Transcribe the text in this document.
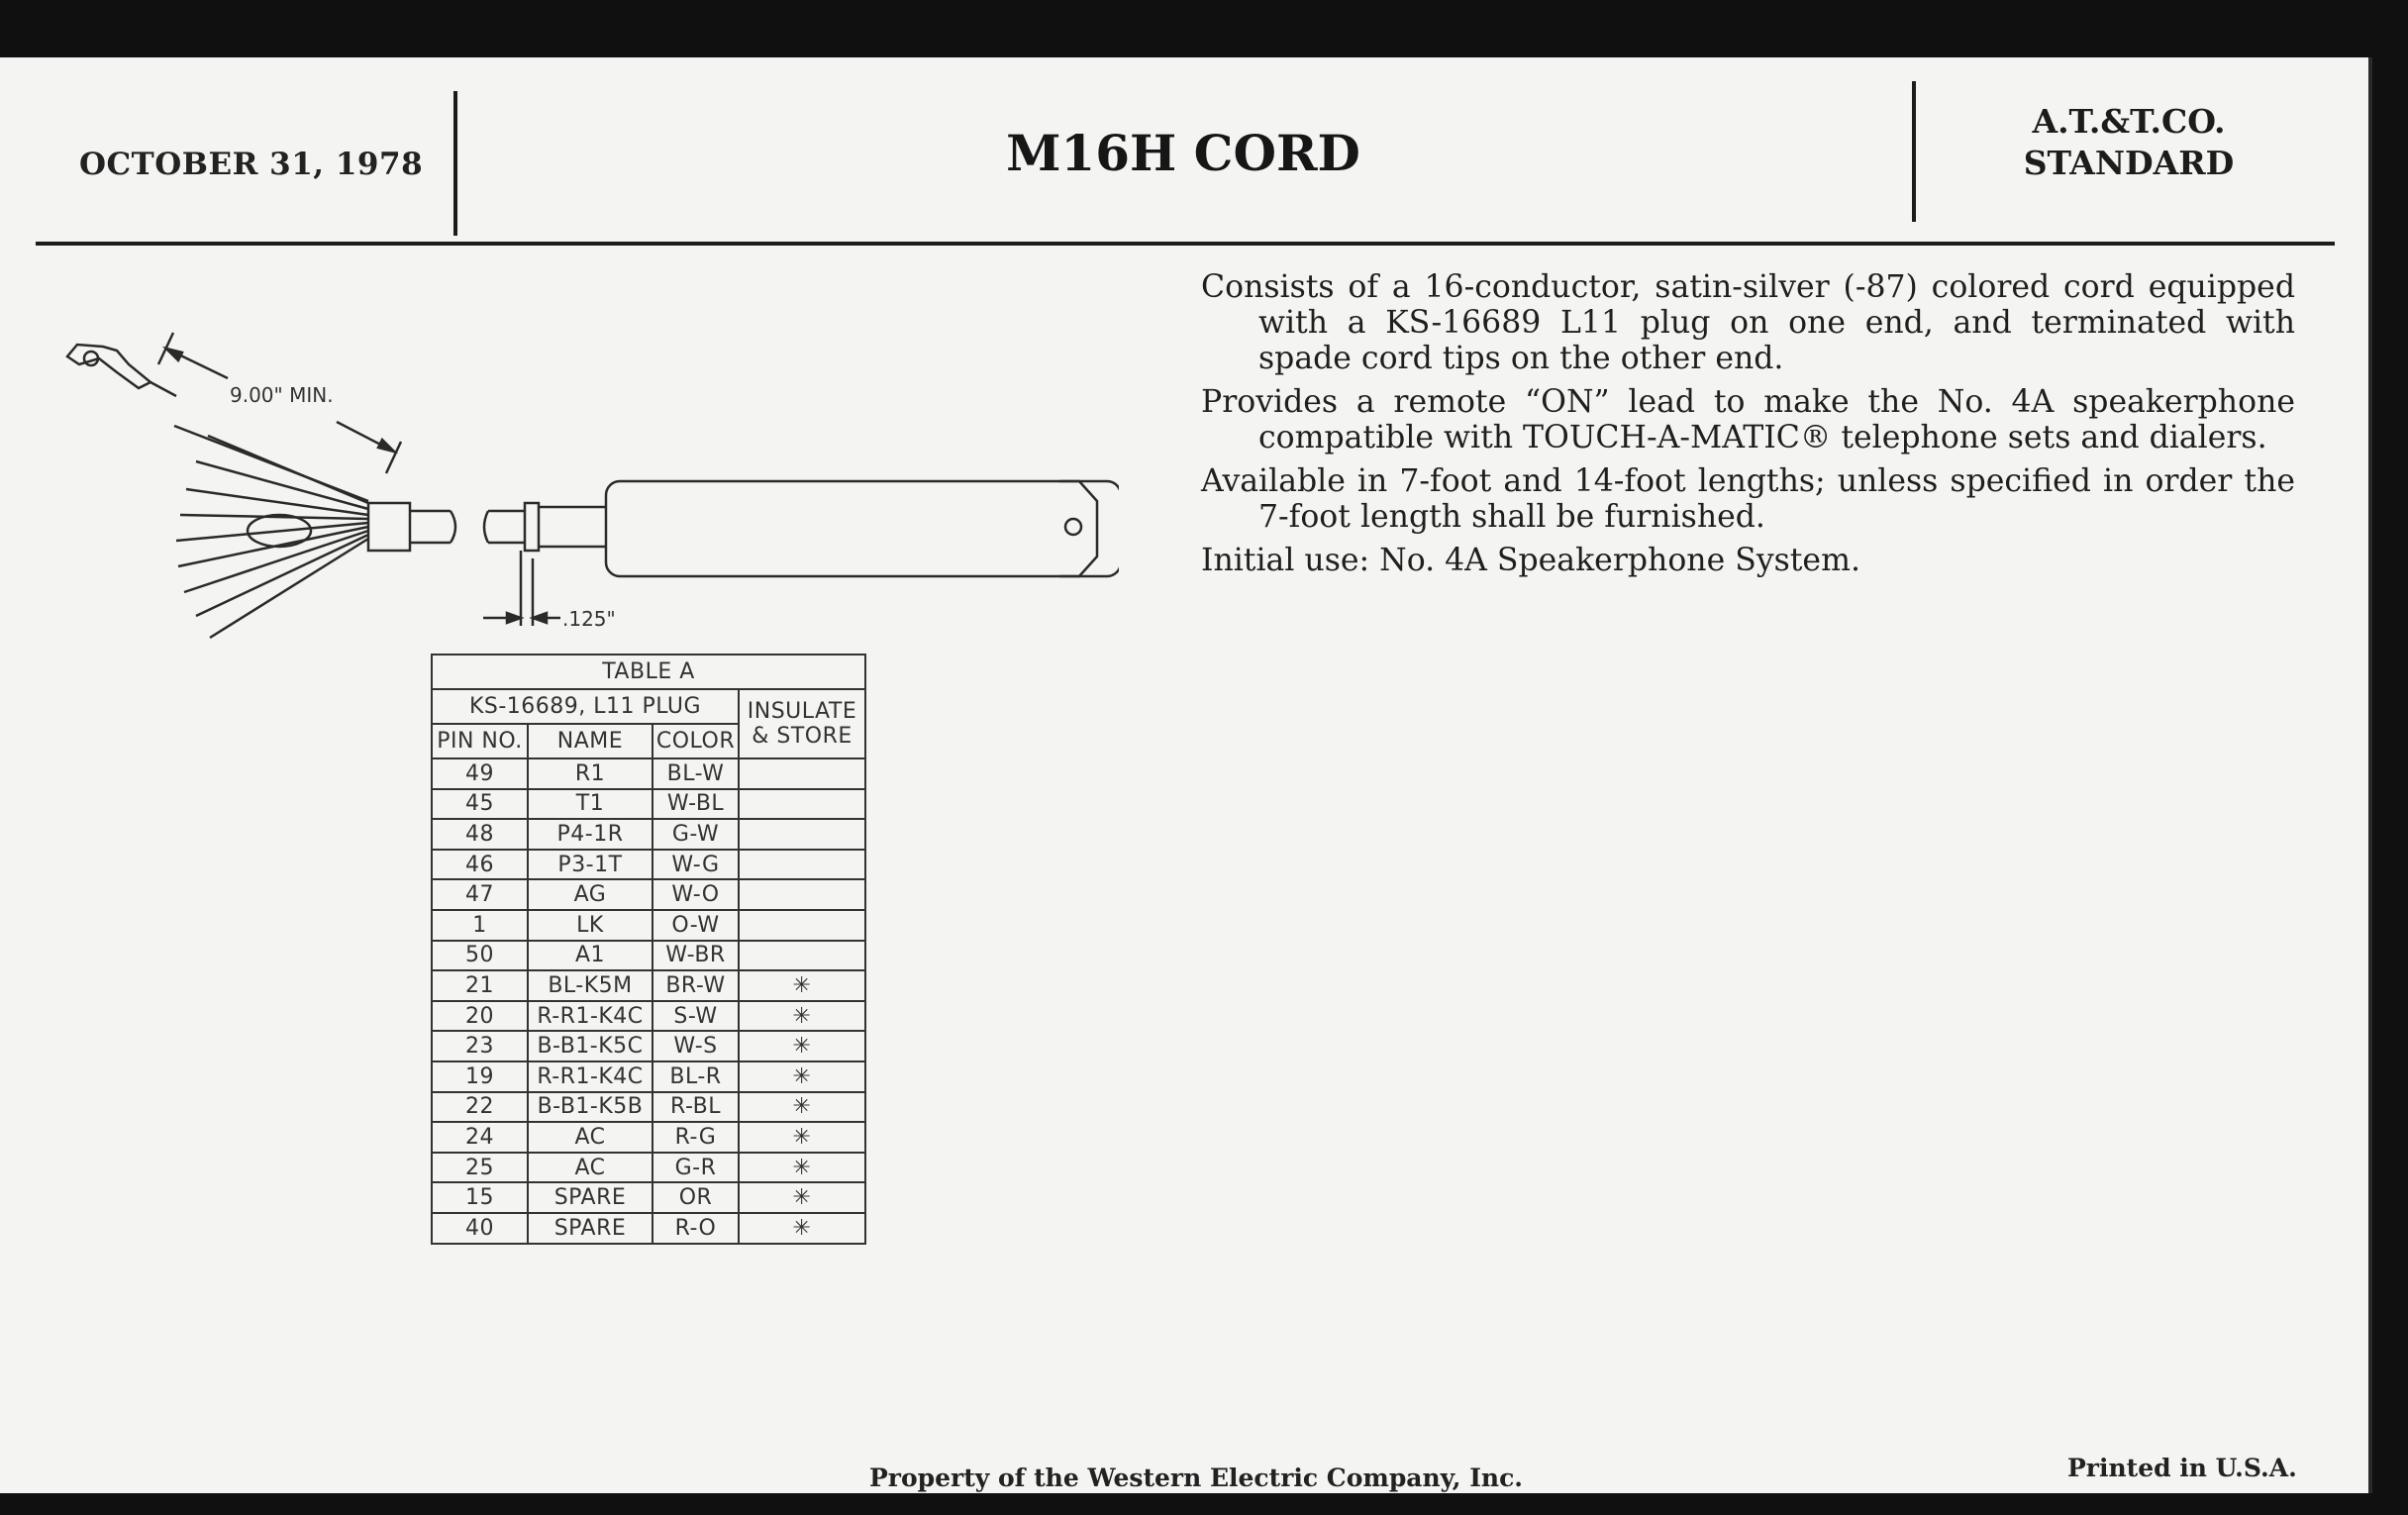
OCTOBER 31, 1978	M16H CORD
A.T.&T.CO.
STANDARD

Consists of a 16-conductor, satin-silver (-87) colored cord equipped with a KS-16689 L11 plug on one end, and terminated with spade cord tips on the other end.

Provides a remote “ON” lead to make the No. 4A speakerphone compatible with TOUCH-A-MATIC® telephone sets and dialers.

Available in 7-foot and 14-foot lengths; unless specified in order the 7-foot length shall be furnished.

Initial use: No. 4A Speakerphone System.

9.00" MIN.
.125"
TABLE A			
KS-16689, L11 PLUG			INSULATE
& STORE

PIN NO.	NAME	COLOR	
49	R1	BL-W	
45	T1	W-BL	
48	P4-1R	G-W	
46	P3-1T	W-G	
47	AG	W-O	
1	LK	O-W	
50	A1	W-BR	
21	BL-K5M	BR-W	✳
20	R-R1-K4C	S-W	✳
23	B-B1-K5C	W-S	✳
19	R-R1-K4C	BL-R	✳
22	B-B1-K5B	R-BL	✳
24	AC	R-G	✳
25	AC	G-R	✳
15	SPARE	OR	✳
40	SPARE	R-O	✳
Property of the Western Electric Company, Inc.	Printed in U.S.A.
